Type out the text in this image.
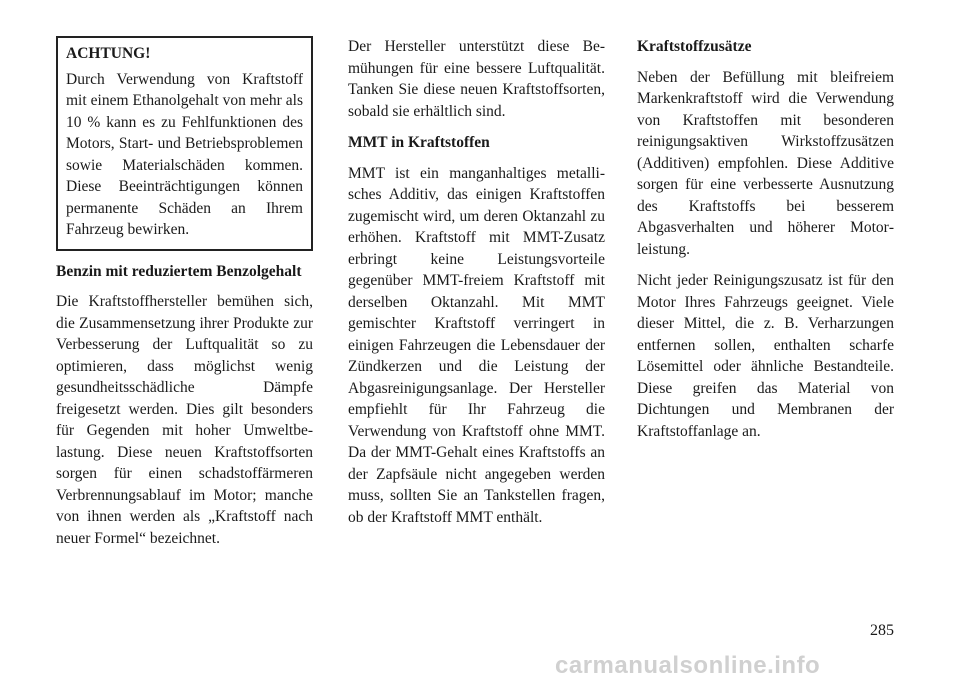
ACHTUNG!

Durch Verwendung von Kraftstoff mit einem Ethanolgehalt von mehr als 10 % kann es zu Fehlfunktionen des Motors, Start- und Betriebsproblemen sowie Materialschäden kommen. Diese Beeinträchtigungen können permanente Schäden an Ihrem Fahrzeug bewirken.

Benzin mit reduziertem Benzolgehalt

Die Kraftstoffhersteller bemühen sich, die Zusammensetzung ihrer Produkte zur Verbesserung der Luftqualität so zu optimieren, dass möglichst wenig gesundheitsschädliche Dämpfe freigesetzt werden. Dies gilt besonders für Gegenden mit hoher Umweltbelastung. Diese neuen Kraftstoffsorten sorgen für einen schadstoffärmeren Verbrennungsablauf im Motor; manche von ihnen werden als „Kraftstoff nach neuer Formel“ bezeichnet.

Der Hersteller unterstützt diese Bemühungen für eine bessere Luftqualität. Tanken Sie diese neuen Kraftstoffsorten, sobald sie erhältlich sind.

MMT in Kraftstoffen

MMT ist ein manganhaltiges metallisches Additiv, das einigen Kraftstoffen zugemischt wird, um deren Oktanzahl zu erhöhen. Kraftstoff mit MMT-Zusatz erbringt keine Leistungsvorteile gegenüber MMT-freiem Kraftstoff mit derselben Oktanzahl. Mit MMT gemischter Kraftstoff verringert in einigen Fahrzeugen die Lebensdauer der Zündkerzen und die Leistung der Abgasreinigungsanlage. Der Hersteller empfiehlt für Ihr Fahrzeug die Verwendung von Kraftstoff ohne MMT. Da der MMT-Gehalt eines Kraftstoffs an der Zapfsäule nicht angegeben werden muss, sollten Sie an Tankstellen fragen, ob der Kraftstoff MMT enthält.

Kraftstoffzusätze

Neben der Befüllung mit bleifreiem Markenkraftstoff wird die Verwendung von Kraftstoffen mit besonderen reinigungsaktiven Wirkstoffzusätzen (Additiven) empfohlen. Diese Additive sorgen für eine verbesserte Ausnutzung des Kraftstoffs bei besserem Abgasverhalten und höherer Motorleistung.

Nicht jeder Reinigungszusatz ist für den Motor Ihres Fahrzeugs geeignet. Viele dieser Mittel, die z. B. Verharzungen entfernen sollen, enthalten scharfe Lösemittel oder ähnliche Bestandteile. Diese greifen das Material von Dichtungen und Membranen der Kraftstoffanlage an.

285
carmanualsonline.info
